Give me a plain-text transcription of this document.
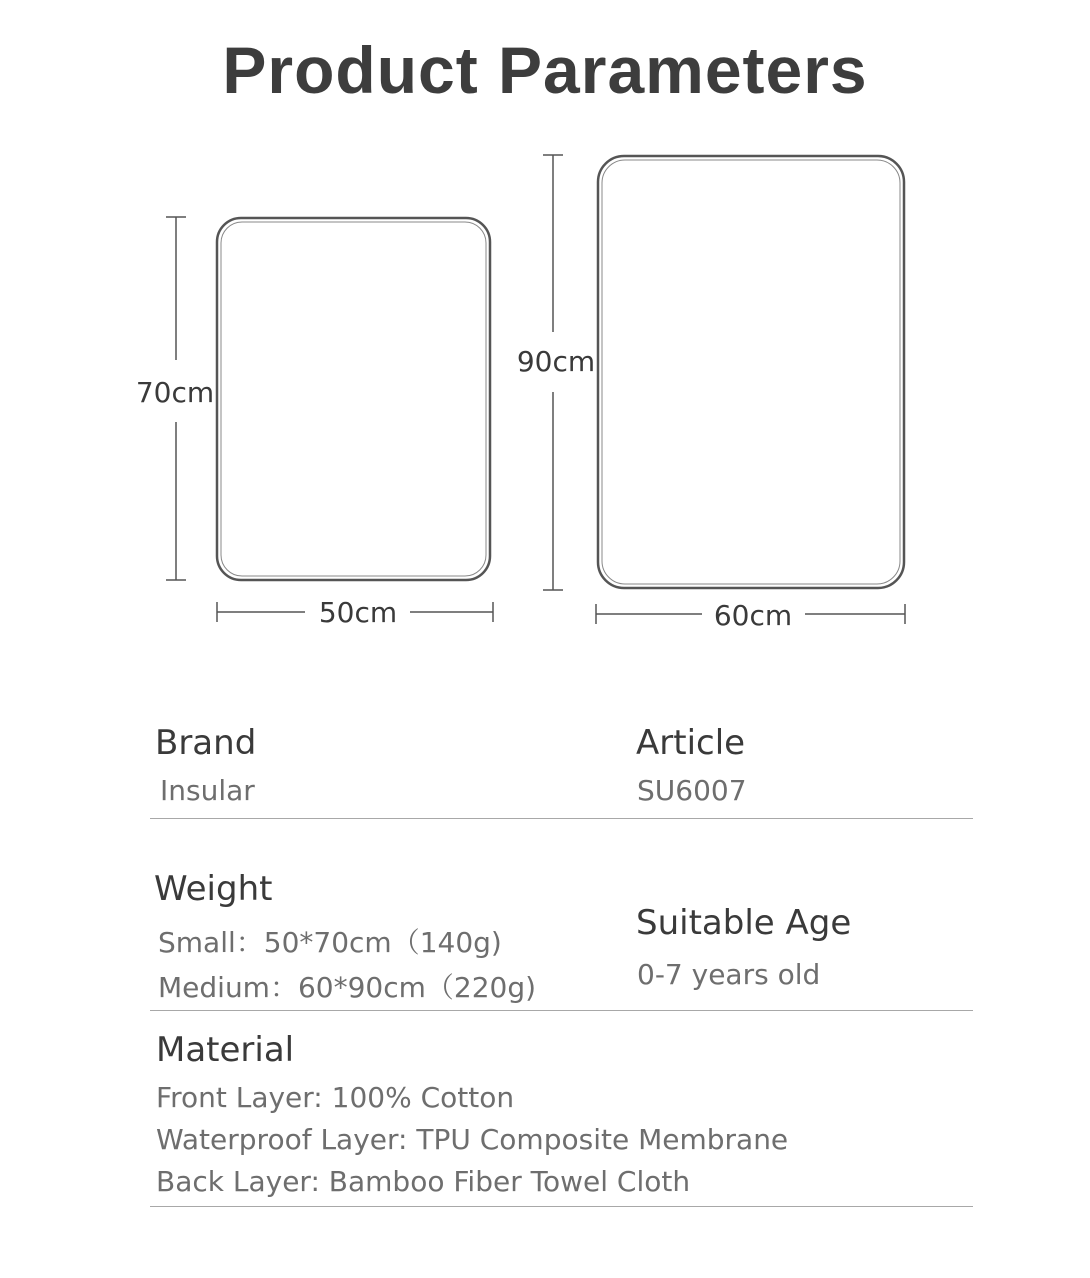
Product Parameters
70cm
50cm
90cm
60cm
Brand
Insular
Article
SU6007
Weight
Small：50*70cm（140g)
Medium：60*90cm（220g)
Suitable Age
0-7 years old
Material
Front Layer: 100% Cotton
Waterproof Layer: TPU Composite Membrane
Back Layer: Bamboo Fiber Towel Cloth
